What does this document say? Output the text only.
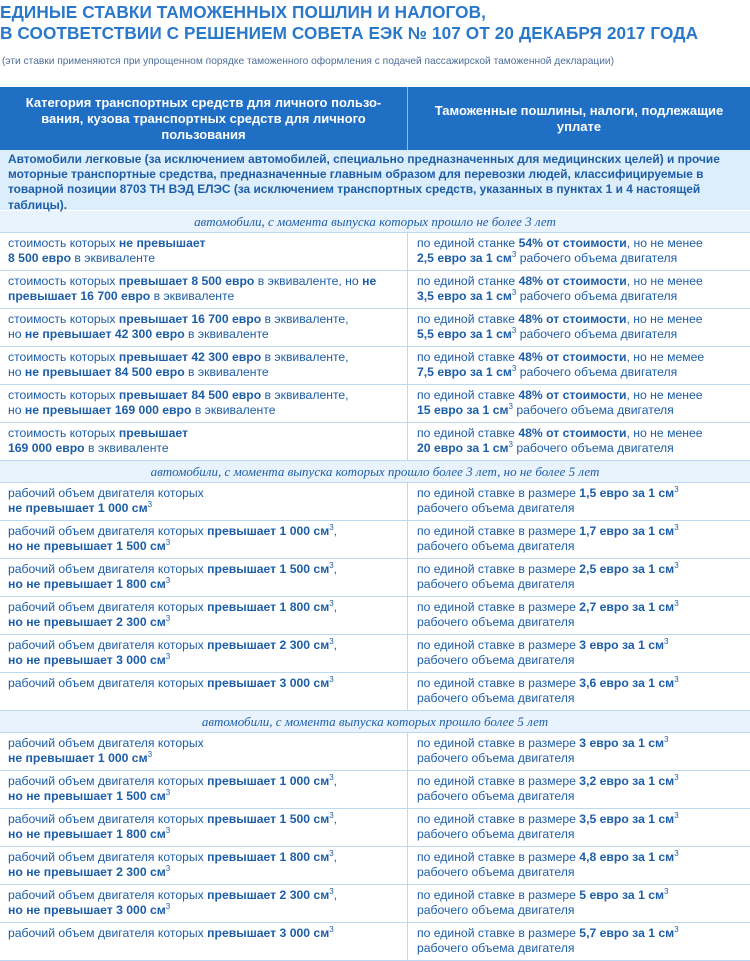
ЕДИНЫЕ СТАВКИ ТАМОЖЕННЫХ ПОШЛИН И НАЛОГОВ,
В СООТВЕТСТВИИ С РЕШЕНИЕМ СОВЕТА ЕЭК № 107 ОТ 20 ДЕКАБРЯ 2017 ГОДА
(эти ставки применяются при упрощенном порядке таможенного оформления с подачей пассажирской таможенной декларации)
Категория транспортных средств для личного пользо-вания, кузова транспортных средств для личного пользования
Таможенные пошлины, налоги, подлежащие уплате
Автомобили легковые (за исключением автомобилей, специально предназначенных для медицинских целей) и прочие моторные транспортные средства, предназначенные главным образом для перевозки людей, классифицируемые в товарной позиции 8703 ТН ВЭД ЕЛЭС (за исключением транспортных средств, указанных в пунктах 1 и 4 настоящей таблицы).
автомобили, с момента выпуска которых прошло не более 3 лет
стоимость которых не превышает
8 500 евро в эквиваленте
по единой станке 54% от стоимости, но не менее
2,5 евро за 1 $см^3$ рабочего объема двигателя
стоимость которых превышает 8 500 евро в эквиваленте, но не
превышает 16 700 евро в эквиваленте
по единой станке 48% от стоимости, но не менее
3,5 евро за 1 $см^3$ рабочего объема двигателя
стоимость которых превышает 16 700 евро в эквиваленте,
но не превышает 42 300 евро в эквиваленте
по единой ставке 48% от стоимости, но не менее
5,5 евро за 1 $см^3$ рабочего объема двигателя
стоимость которых превышает 42 300 евро в эквиваленте,
но не превышает 84 500 евро в эквиваленте
по единой ставке 48% от стоимости, но не мемее
7,5 евро за 1 $см^3$ рабочего объема двигателя
стоимость которых превышает 84 500 евро в эквиваленте,
но не превышает 169 000 евро в эквиваленте
по единой ставке 48% от стоимости, но не менее
15 евро за 1 $см^3$ рабочего объема двигателя
стоимость которых превышает
169 000 евро в эквиваленте
по единой ставке 48% от стоимости, но не менее
20 евро за 1 $см^3$ рабочего объема двигателя
автомобили, с момента выпуска которых прошло более 3 лет, но не более 5 лет
рабочий объем двигателя которых
не превышает 1 000 $см^3$
по единой ставке в размере 1,5 евро за 1 $см^3$
рабочего объема двигателя
рабочий объем двигателя которых превышает 1 000 $см^3$,
но не превышает 1 500 $см^3$
по единой ставке в размере 1,7 евро за 1 $см^3$
рабочего объема двигателя
рабочий объем двигателя которых превышает 1 500 $см^3$,
но не превышает 1 800 $см^3$
по единой ставке в размере 2,5 евро за 1 $см^3$
рабочего объема двигателя
рабочий объем двигателя которых превышает 1 800 $см^3$,
но не превышает 2 300 $см^3$
по единой ставке в размере 2,7 евро за 1 $см^3$
рабочего объема двигателя
рабочий объем двигателя которых превышает 2 300 $см^3$,
но не превышает 3 000 $см^3$
по единой ставке в размере 3 евро за 1 $см^3$
рабочего объема двигателя
рабочий объем двигателя которых превышает 3 000 $см^3$	по единой ставке в размере 3,6 евро за 1 $см^3$
рабочего объема двигателя
автомобили, с момента выпуска которых прошло более 5 лет
рабочий объем двигателя которых
не превышает 1 000 $см^3$
по единой ставке в размере 3 евро за 1 $см^3$
рабочего объема двигателя
рабочий объем двигателя которых превышает 1 000 $см^3$,
но не превышает 1 500 $см^3$
по единой ставке в размере 3,2 евро за 1 $см^3$
рабочего объема двигателя
рабочий объем двигателя которых превышает 1 500 $см^3$,
но не превышает 1 800 $см^3$
по единой ставке в размере 3,5 евро за 1 $см^3$
рабочего объема двигателя
рабочий объем двигателя которых превышает 1 800 $см^3$,
но не превышает 2 300 $см^3$
по единой ставке в размере 4,8 евро за 1 $см^3$
рабочего объема двигателя
рабочий объем двигателя которых превышает 2 300 $см^3$,
но не превышает 3 000 $см^3$
по единой ставке в размере 5 евро за 1 $см^3$
рабочего объема двигателя
рабочий объем двигателя которых превышает 3 000 $см^3$	по единой ставке в размере 5,7 евро за 1 $см^3$
рабочего объема двигателя
